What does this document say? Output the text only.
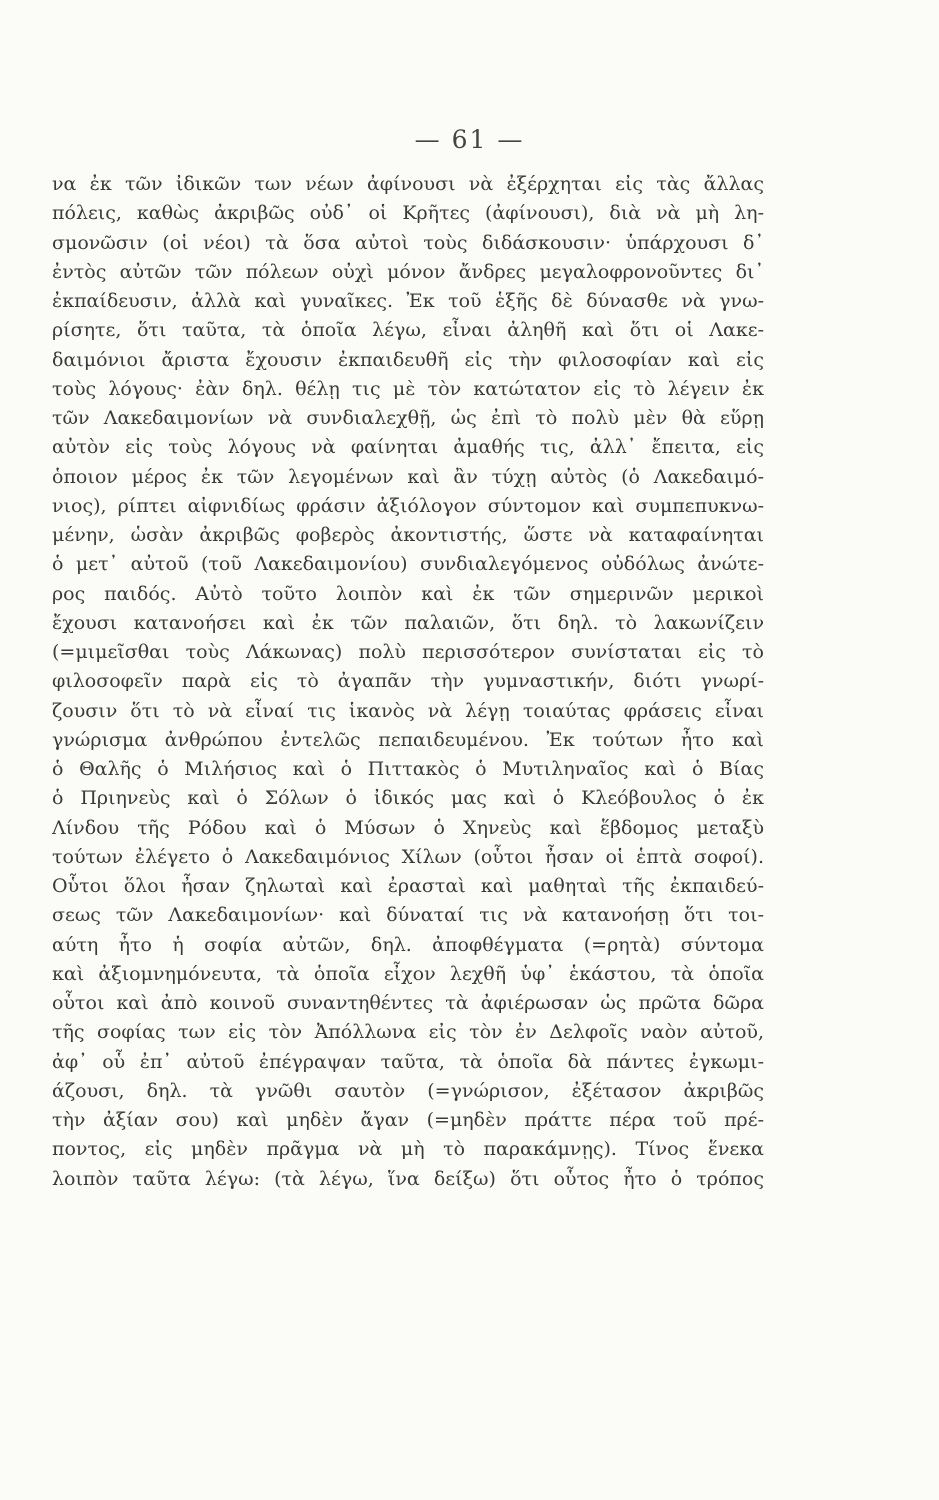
— 61 —
να ἐκ τῶν ἰδικῶν των νέων ἀφίνουσι νὰ ἐξέρχηται εἰς τὰς ἄλλας
πόλεις, καθὼς ἀκριβῶς οὐδ᾽ οἱ Κρῆτες (ἀφίνουσι), διὰ νὰ μὴ λη-
σμονῶσιν (οἱ νέοι) τὰ ὅσα αὐτοὶ τοὺς διδάσκουσιν· ὑπάρχουσι δ᾽
ἐντὸς αὐτῶν τῶν πόλεων οὐχὶ μόνον ἄνδρες μεγαλοφρονοῦντες δι᾽
ἐκπαίδευσιν, ἀλλὰ καὶ γυναῖκες. Ἐκ τοῦ ἑξῆς δὲ δύνασθε νὰ γνω-
ρίσητε, ὅτι ταῦτα, τὰ ὁποῖα λέγω, εἶναι ἀληθῆ καὶ ὅτι οἱ Λακε-
δαιμόνιοι ἄριστα ἔχουσιν ἐκπαιδευθῆ εἰς τὴν φιλοσοφίαν καὶ εἰς
τοὺς λόγους· ἐὰν δηλ. θέλῃ τις μὲ τὸν κατώτατον εἰς τὸ λέγειν ἐκ
τῶν Λακεδαιμονίων νὰ συνδιαλεχθῇ, ὡς ἐπὶ τὸ πολὺ μὲν θὰ εὕρῃ
αὐτὸν εἰς τοὺς λόγους νὰ φαίνηται ἀμαθής τις, ἀλλ᾽ ἔπειτα, εἰς
ὁποιον μέρος ἐκ τῶν λεγομένων καὶ ἂν τύχῃ αὐτὸς (ὁ Λακεδαιμό-
νιος), ρίπτει αἰφνιδίως φράσιν ἀξιόλογον σύντομον καὶ συμπεπυκνω-
μένην, ὡσὰν ἀκριβῶς φοβερὸς ἀκοντιστής, ὥστε νὰ καταφαίνηται
ὁ μετ᾽ αὐτοῦ (τοῦ Λακεδαιμονίου) συνδιαλεγόμενος οὐδόλως ἀνώτε-
ρος παιδός. Αὐτὸ τοῦτο λοιπὸν καὶ ἐκ τῶν σημερινῶν μερικοὶ
ἔχουσι κατανοήσει καὶ ἐκ τῶν παλαιῶν, ὅτι δηλ. τὸ λακωνίζειν
(=μιμεῖσθαι τοὺς Λάκωνας) πολὺ περισσότερον συνίσταται εἰς τὸ
φιλοσοφεῖν παρὰ εἰς τὸ ἀγαπᾶν τὴν γυμναστικήν, διότι γνωρί-
ζουσιν ὅτι τὸ νὰ εἶναί τις ἱκανὸς νὰ λέγῃ τοιαύτας φράσεις εἶναι
γνώρισμα ἀνθρώπου ἐντελῶς πεπαιδευμένου. Ἐκ τούτων ἦτο καὶ
ὁ Θαλῆς ὁ Μιλήσιος καὶ ὁ Πιττακὸς ὁ Μυτιληναῖος καὶ ὁ Βίας
ὁ Πριηνεὺς καὶ ὁ Σόλων ὁ ἰδικός μας καὶ ὁ Κλεόβουλος ὁ ἐκ
Λίνδου τῆς Ρόδου καὶ ὁ Μύσων ὁ Χηνεὺς καὶ ἕβδομος μεταξὺ
τούτων ἐλέγετο ὁ Λακεδαιμόνιος Χίλων (οὗτοι ἦσαν οἱ ἑπτὰ σοφοί).
Οὗτοι ὅλοι ἦσαν ζηλωταὶ καὶ ἐρασταὶ καὶ μαθηταὶ τῆς ἐκπαιδεύ-
σεως τῶν Λακεδαιμονίων· καὶ δύναταί τις νὰ κατανοήσῃ ὅτι τοι-
αύτη ἦτο ἡ σοφία αὐτῶν, δηλ. ἀποφθέγματα (=ρητὰ) σύντομα
καὶ ἀξιομνημόνευτα, τὰ ὁποῖα εἶχον λεχθῆ ὑφ᾽ ἑκάστου, τὰ ὁποῖα
οὗτοι καὶ ἀπὸ κοινοῦ συναντηθέντες τὰ ἀφιέρωσαν ὡς πρῶτα δῶρα
τῆς σοφίας των εἰς τὸν Ἀπόλλωνα εἰς τὸν ἐν Δελφοῖς ναὸν αὐτοῦ,
ἀφ᾽ οὗ ἐπ᾽ αὐτοῦ ἐπέγραψαν ταῦτα, τὰ ὁποῖα δὰ πάντες ἐγκωμι-
άζουσι, δηλ. τὰ γνῶθι σαυτὸν (=γνώρισον, ἐξέτασον ἀκριβῶς
τὴν ἀξίαν σου) καὶ μηδὲν ἄγαν (=μηδὲν πράττε πέρα τοῦ πρέ-
ποντος, εἰς μηδὲν πρᾶγμα νὰ μὴ τὸ παρακάμνῃς). Τίνος ἕνεκα
λοιπὸν ταῦτα λέγω: (τὰ λέγω, ἵνα δείξω) ὅτι οὗτος ἦτο ὁ τρόπος
